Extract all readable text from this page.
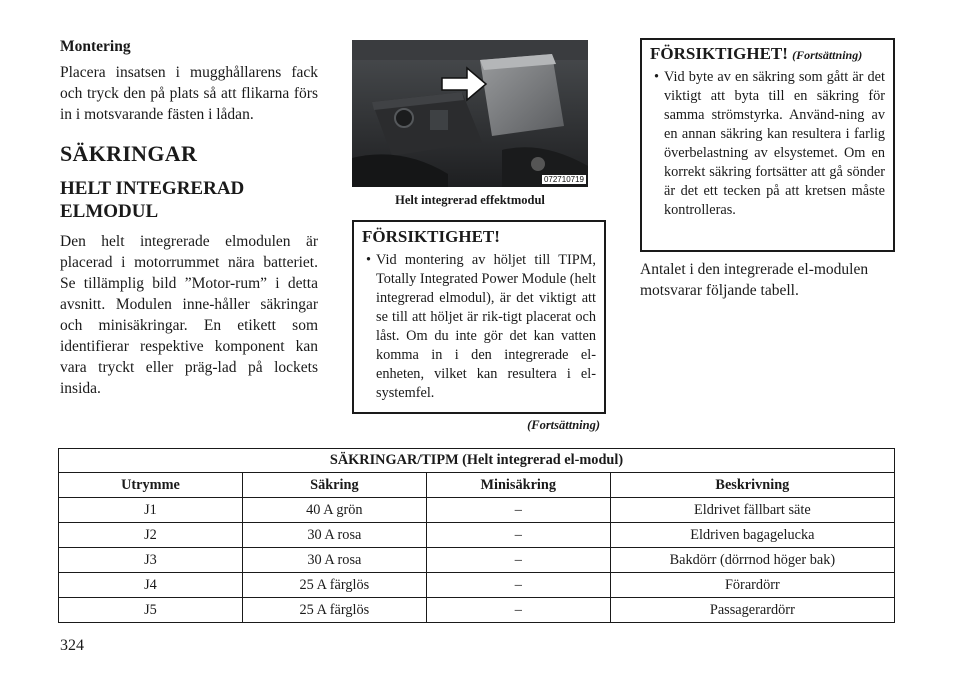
Montering

Placera insatsen i mugghållarens fack och tryck den på plats så att flikarna förs in i motsvarande fästen i lådan.

SÄKRINGAR
HELT INTEGRERAD ELMODUL

Den helt integrerade elmodulen är placerad i motorrummet nära batteriet. Se tillämplig bild ”Motor-rum” i detta avsnitt. Modulen inne-håller säkringar och minisäkringar. En etikett som identifierar respektive komponent kan vara tryckt eller präg-lad på lockets insida.

072710719
Helt integrerad effektmodul
FÖRSIKTIGHET!

• Vid montering av höljet till TIPM, Totally Integrated Power Module (helt integrerad elmodul), är det viktigt att se till att höljet är rik-tigt placerat och låst. Om du inte gör det kan vatten komma in i den integrerade el-enheten, vilket kan resultera i el-systemfel.

(Fortsättning)
FÖRSIKTIGHET! (Fortsättning)

• Vid byte av en säkring som gått är det viktigt att byta till en säkring för samma strömstyrka. Använd-ning av en annan säkring kan resultera i farlig överbelastning av elsystemet. Om en korrekt säkring fortsätter att gå sönder är det ett tecken på att kretsen måste kontrolleras.

Antalet i den integrerade el-modulen motsvarar följande tabell.

SÄKRINGAR/TIPM (Helt integrerad el-modul)			
Utrymme	Säkring	Minisäkring	Beskrivning
J1	40 A grön	–	Eldrivet fällbart säte
J2	30 A rosa	–	Eldriven bagagelucka
J3	30 A rosa	–	Bakdörr (dörrnod höger bak)
J4	25 A färglös	–	Förardörr
J5	25 A färglös	–	Passagerardörr
324
